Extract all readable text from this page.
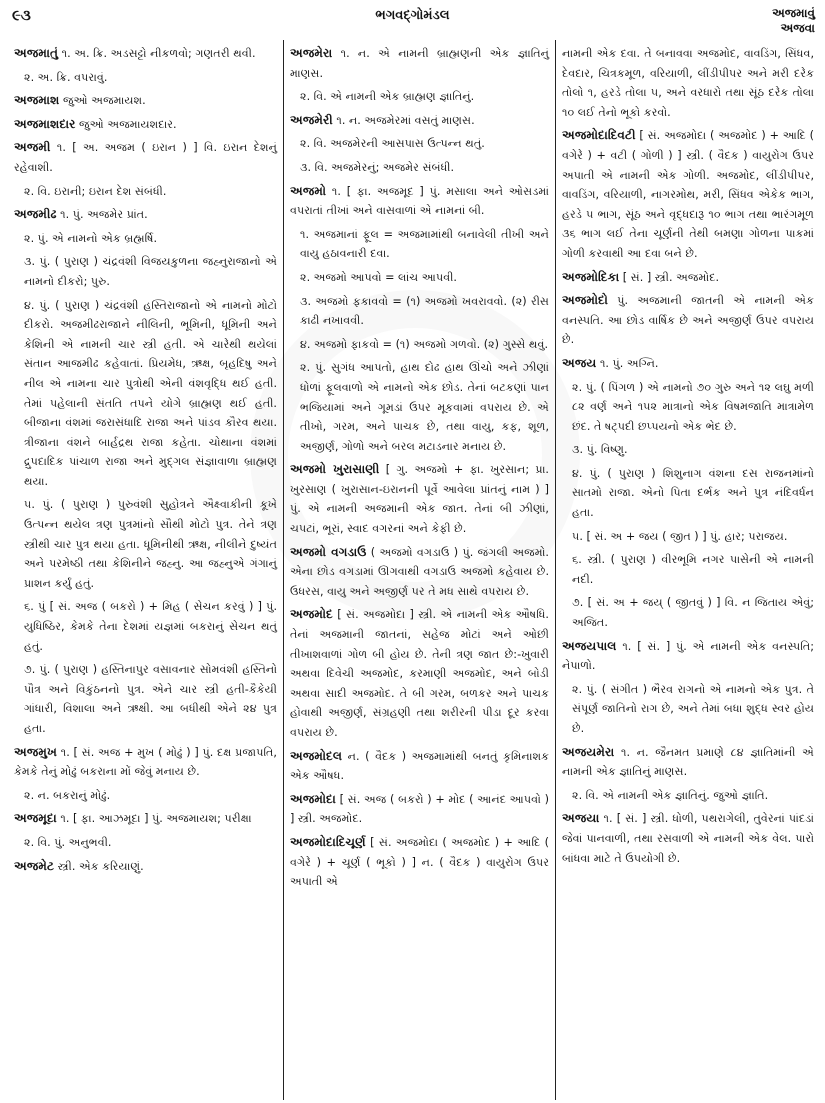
૯૩	ભગવદ્ગોમંડલ	અજમાવું
અજવા
અજમાતું ૧. અ. ક્રિ. અડસટ્ટો નીકળવો; ગણતરી થવી.
૨. અ. ક્રિ. વપરાવું.
અજમાશ જુઓ અજમાયશ.
અજમાશદાર જુઓ અજમાયશદાર.
અજમી ૧. [ અ. અજમ ( ઇરાન ) ] વિ. ઇરાન દેશનું રહેવાશી.
૨. વિ. ઇરાની; ઇરાન દેશ સંબંધી.
અજમીઢ ૧. પું. અજમેર પ્રાંત.
૨. પું. એ નામનો એક બ્રહ્મર્ષિ.
૩. પું. ( પુરાણ ) ચંદ્રવંશી વિજયકુળના જહ્નુરાજાનો એ નામનો દીકરો; પુરુ.
૪. પું. ( પુરાણ ) ચંદ્રવંશી હસ્તિરાજાનો એ નામનો મોટો દીકરો. અજમીઢરાજાને નીલિની, ભૂમિની, ધૂમિની અને કેશિની એ નામની ચાર સ્ત્રી હતી. એ ચારેથી થયેલાં સંતાન આજમીઢ કહેવાતાં. પ્રિયમેધ, ઋક્ષ, બૃહદિષુ અને નીલ એ નામના ચાર પુત્રોથી એની વંશવૃદ્ધિ થઈ હતી. તેમાં પહેલાની સંતતિ તપને યોગે બ્રાહ્મણ થઈ હતી. બીજાના વંશમાં જરાસંધાદિ રાજા અને પાંડવ કૌરવ થયા. ત્રીજાના વંશને બાર્હદ્રથ રાજા કહેતા. ચોથાના વંશમાં દ્રુપદાદિક પાંચાળ રાજા અને મુદ્ગલ સંજ્ઞાવાળા બ્રાહ્મણ થયા.
૫. પું. ( પુરાણ ) પુરુવંશી સુહોત્રને ઐક્ષ્વાકીની કૂખે ઉત્પન્ન થયેલ ત્રણ પુત્રમાંનો સૌથી મોટો પુત્ર. તેને ત્રણ સ્ત્રીથી ચાર પુત્ર થયા હતા. ધૂમિનીથી ઋક્ષ, નીલીને દુષ્યંત અને પરમેષ્ઠી તથા કેશિનીને જહ્નુ. આ જહ્નુએ ગંગાનું પ્રાશન કર્યું હતું.
૬. પું [ સં. અજ ( બકરો ) + મિહ ( સેચન કરવું ) ] પું. યુધિષ્ઠિર, કેમકે તેના દેશમાં યજ્ઞમાં બકરાનું સેચન થતું હતું.
૭. પું. ( પુરાણ ) હસ્તિનાપુર વસાવનાર સોમવંશી હસ્તિનો પૌત્ર અને વિકુંઠનનો પુત્ર. એને ચાર સ્ત્રી હતી-કૈકેયી ગાંધારી, વિશાલા અને ઋક્ષી. આ બધીથી એને ૨૪ પુત્ર હતા.
અજમુખ ૧. [ સં. અજ + મુખ ( મોઢું ) ] પું. દક્ષ પ્રજાપતિ, કેમકે તેનું મોઢું બકરાના મોં જેવું મનાય છે.
૨. ન. બકરાનું મોઢું.
અજમૂદા ૧. [ ફા. આઝમૂદા ] પું. અજમાયશ; પરીક્ષા
૨. વિ. પું. અનુભવી.
અજમેટ સ્ત્રી. એક કરિયાણું.
અજમેરા ૧. ન. એ નામની બ્રાહ્મણની એક જ્ઞાતિનું માણસ.
૨. વિ. એ નામની એક બ્રાહ્મણ જ્ઞાતિનું.
અજમેરી ૧. ન. અજમેરમાં વસતું માણસ.
૨. વિ. અજમેરની આસપાસ ઉત્પન્ન થતું.
૩. વિ. અજમેરનું; અજમેર સંબંધી.
અજમો ૧. [ ફા. અજમૂદ ] પું. મસાલા અને ઓસડમાં વપરાતાં તીખાં અને વાસવાળાં એ નામનાં બી.
૧. અજમાનાં ફૂલ = અજમામાંથી બનાવેલી તીખી અને વાયુ હઠાવનારી દવા.
૨. અજમો આપવો = લાંચ આપવી.
૩. અજમો ફકાવવો = (૧) અજમો ખવરાવવો. (૨) રીસ કાઢી નખાવવી.
૪. અજમો ફાકવો = (૧) અજમો ગળવો. (૨) ગુસ્સે થવું.
૨. પું. સુગંધ આપતો, હાથ દોઢ હાથ ઊંચો અને ઝીણાં ધોળાં ફૂલવાળો એ નામનો એક છોડ. તેનાં બટકણાં પાન ભજિયામાં અને ગૂમડાં ઉપર મૂકવામાં વપરાય છે. એ તીખો, ગરમ, અને પાચક છે, તથા વાયુ, કફ, શૂળ, અજીર્ણ, ગોળો અને બરલ મટાડનાર મનાય છે.
અજમો ખુરાસાણી [ ગુ. અજમો + ફા. ખુરસાન; પ્રા. ખુરસાણ ( ખુરાસાન-ઇરાનની પૂર્વે આવેલા પ્રાંતનું નામ ) ] પું. એ નામની અજમાની એક જાત. તેનાં બી ઝીણાં, ચપટાં, ભૂરાં, સ્વાદ વગરનાં અને કેફી છે.
અજમો વગડાઉ ( અજમો વગડાઉ ) પું. જંગલી અજમો. એના છોડ વગડામાં ઊગવાથી વગડાઉ અજમો કહેવાય છે. ઉધરસ, વાયુ અને અજીર્ણ પર તે મધ સાથે વપરાય છે.
અજમોદ [ સં. અજમોદા ] સ્ત્રી. એ નામની એક ઔષધિ. તેનાં અજમાની જાતનાં, સહેજ મોટાં અને ઓછી તીખાશવાળાં ગોળ બી હોય છે. તેની ત્રણ જાત છે:-ખુવારી અથવા દિવેચી અજમોદ, કરમાણી અજમોદ, અને બોડી અથવા સાદી અજમોદ. તે બી ગરમ, બળકર અને પાચક હોવાથી અજીર્ણ, સંગ્રહણી તથા શરીરની પીડા દૂર કરવા વપરાય છે.
અજમોદલ ન. ( વૈદક ) અજમામાંથી બનતું કૃમિનાશક એક ઔષધ.
અજમોદા [ સં. અજ ( બકરો ) + મોદ ( આનંદ આપવો ) ] સ્ત્રી. અજમોદ.
અજમોદાદિચૂર્ણ [ સં. અજમોદા ( અજમોદ ) + આદિ ( વગેરે ) + ચૂર્ણ ( ભૂકો ) ] ન. ( વૈદક ) વાયુરોગ ઉપર અપાતી એ
નામની એક દવા. તે બનાવવા અજમોદ, વાવડિંગ, સિંધવ, દેવદાર, ચિત્રકમૂળ, વરિયાળી, લીંડીપીપર અને મરી દરેક તોલો ૧, હરડે તોલા ૫, અને વરધારો તથા સૂંઠ દરેક તોલા ૧૦ લઈ તેનો ભૂકો કરવો.
અજમોદાદિવટી [ સં. અજમોદા ( અજમોદ ) + આદિ ( વગેરે ) + વટી ( ગોળી ) ] સ્ત્રી. ( વૈદક ) વાયુરોગ ઉપર અપાતી એ નામની એક ગોળી. અજમોદ, લીંડીપીપર, વાવડિંગ, વરિયાળી, નાગરમોથ, મરી, સિંધવ એકેક ભાગ, હરડે ૫ ભાગ, સૂંઠ અને વૃદ્ધદારૂ ૧૦ ભાગ તથા ભારંગમૂળ ૩૬ ભાગ લઈ તેના ચૂર્ણની તેથી બમણા ગોળના પાકમાં ગોળી કરવાથી આ દવા બને છે.
અજમોદિકા [ સં. ] સ્ત્રી. અજમોદ.
અજમોદો પું. અજમાની જાતની એ નામની એક વનસ્પતિ. આ છોડ વાર્ષિક છે અને અજીર્ણ ઉપર વપરાય છે.
અજય ૧. પું. અગ્નિ.
૨. પું. ( પિંગળ ) એ નામનો ૭૦ ગુરુ અને ૧૨ લઘુ મળી ૮૨ વર્ણ અને ૧૫૨ માત્રાનો એક વિષમજાતિ માત્રામેળ છંદ. તે ષટ્પદી છપ્પયનો એક ભેદ છે.
૩. પું. વિષ્ણુ.
૪. પું. ( પુરાણ ) શિશુનાગ વંશના દસ રાજનમાંનો સાતમો રાજા. એનો પિતા દર્ભક અને પુત્ર નંદિવર્ધન હતા.
૫. [ સં. અ + જય ( જીત ) ] પું. હાર; પરાજય.
૬. સ્ત્રી. ( પુરાણ ) વીરભૂમિ નગર પાસેની એ નામની નદી.
૭. [ સં. અ + જય્ ( જીતવું ) ] વિ. ન જિતાય એવું; અજિત.
અજયપાલ ૧. [ સં. ] પું. એ નામની એક વનસ્પતિ; નેપાળો.
૨. પું. ( સંગીત ) ભૈરવ રાગનો એ નામનો એક પુત્ર. તે સંપૂર્ણ જાતિનો રાગ છે, અને તેમાં બધા શુદ્ધ સ્વર હોય છે.
અજયમેરા ૧. ન. જૈનમત પ્રમાણે ૮૪ જ્ઞાતિમાંની એ નામની એક જ્ઞાતિનું માણસ.
૨. વિ. એ નામની એક જ્ઞાતિનું. જુઓ જ્ઞાતિ.
અજયા ૧. [ સં. ] સ્ત્રી. ધોળી, પથરાગેલી, તુવેરનાં પાંદડાં જેવાં પાનવાળી, તથા રસવાળી એ નામની એક વેલ. પારો બાંધવા માટે તે ઉપયોગી છે.
